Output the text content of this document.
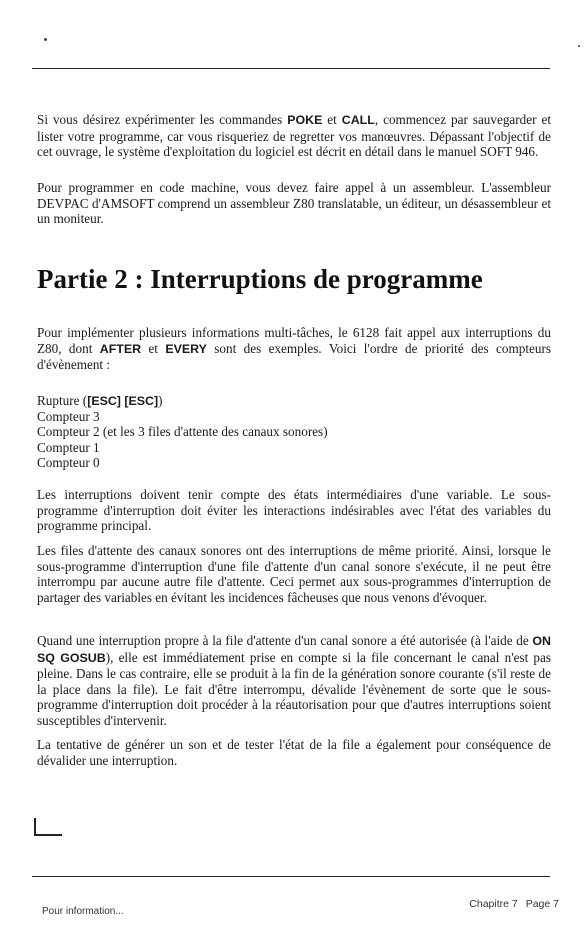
Si vous désirez expérimenter les commandes POKE et CALL, commencez par sauvegarder et lister votre programme, car vous risqueriez de regretter vos manœuvres. Dépassant l'objectif de cet ouvrage, le système d'exploitation du logiciel est décrit en détail dans le manuel SOFT 946.

Pour programmer en code machine, vous devez faire appel à un assembleur. L'assembleur DEVPAC d'AMSOFT comprend un assembleur Z80 translatable, un éditeur, un désassembleur et un moniteur.

Partie 2 : Interruptions de programme

Pour implémenter plusieurs informations multi-tâches, le 6128 fait appel aux interruptions du Z80, dont AFTER et EVERY sont des exemples. Voici l'ordre de priorité des compteurs d'évènement :

Rupture ([ESC] [ESC])
Compteur 3
Compteur 2 (et les 3 files d'attente des canaux sonores)
Compteur 1
Compteur 0

Les interruptions doivent tenir compte des états intermédiaires d'une variable. Le sous-programme d'interruption doit éviter les interactions indésirables avec l'état des variables du programme principal.

Les files d'attente des canaux sonores ont des interruptions de même priorité. Ainsi, lorsque le sous-programme d'interruption d'une file d'attente d'un canal sonore s'exécute, il ne peut être interrompu par aucune autre file d'attente. Ceci permet aux sous-programmes d'interruption de partager des variables en évitant les incidences fâcheuses que nous venons d'évoquer.

Quand une interruption propre à la file d'attente d'un canal sonore a été autorisée (à l'aide de ON SQ GOSUB), elle est immédiatement prise en compte si la file concernant le canal n'est pas pleine. Dans le cas contraire, elle se produit à la fin de la génération sonore courante (s'il reste de la place dans la file). Le fait d'être interrompu, dévalide l'évènement de sorte que le sous-programme d'interruption doit procéder à la réautorisation pour que d'autres interruptions soient susceptibles d'intervenir.

La tentative de générer un son et de tester l'état de la file a également pour conséquence de dévalider une interruption.

Pour information...
Chapitre 7 Page 7
